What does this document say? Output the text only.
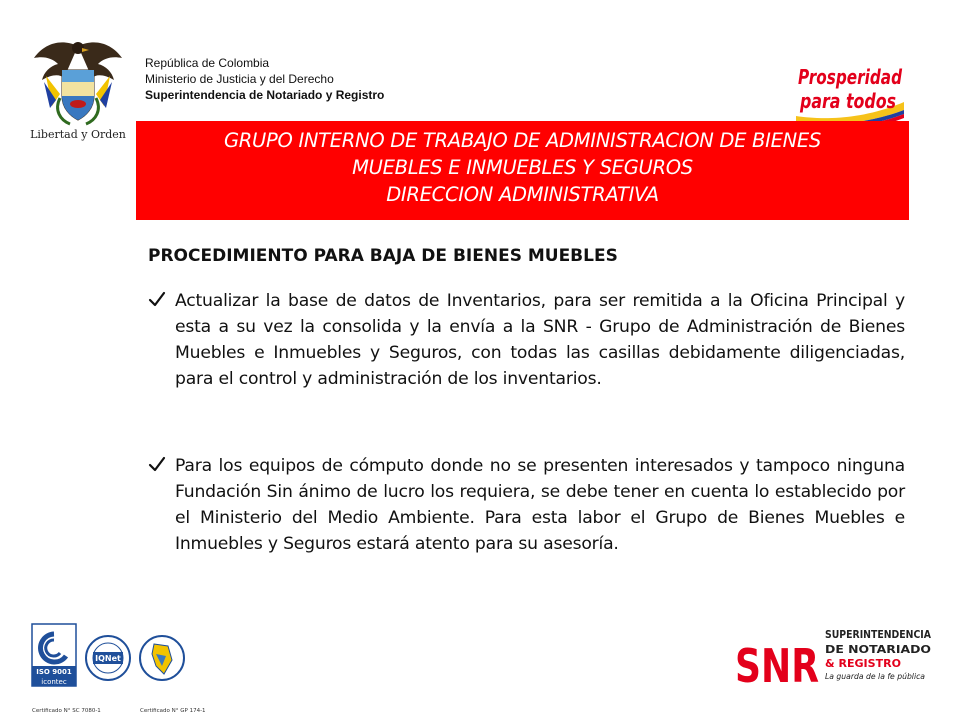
Libertad y Orden
República de Colombia
Ministerio de Justicia y del Derecho
Superintendencia de Notariado y Registro
Prosperidad
para todos
GRUPO INTERNO DE TRABAJO DE ADMINISTRACION DE BIENES
MUEBLES E INMUEBLES Y SEGUROS
DIRECCION ADMINISTRATIVA
PROCEDIMIENTO PARA BAJA DE BIENES MUEBLES
Actualizar la base de datos de Inventarios, para ser remitida a la Oficina Principal y esta a su vez la consolida y la envía a la SNR - Grupo de Administración de Bienes Muebles e Inmuebles y Seguros, con todas las casillas debidamente diligenciadas, para el control y administración de los inventarios.
Para los equipos de cómputo donde no se presenten interesados y tampoco ninguna Fundación Sin ánimo de lucro los requiera, se debe tener en cuenta lo establecido por el Ministerio del Medio Ambiente. Para esta labor el Grupo de Bienes Muebles e Inmuebles y Seguros estará atento para su asesoría.
ISO 9001
icontec
IQNet
Certificado N° SC 7080-1	Certificado N° GP 174-1
SNR
SUPERINTENDENCIA
DE NOTARIADO
& REGISTRO
La guarda de la fe pública
